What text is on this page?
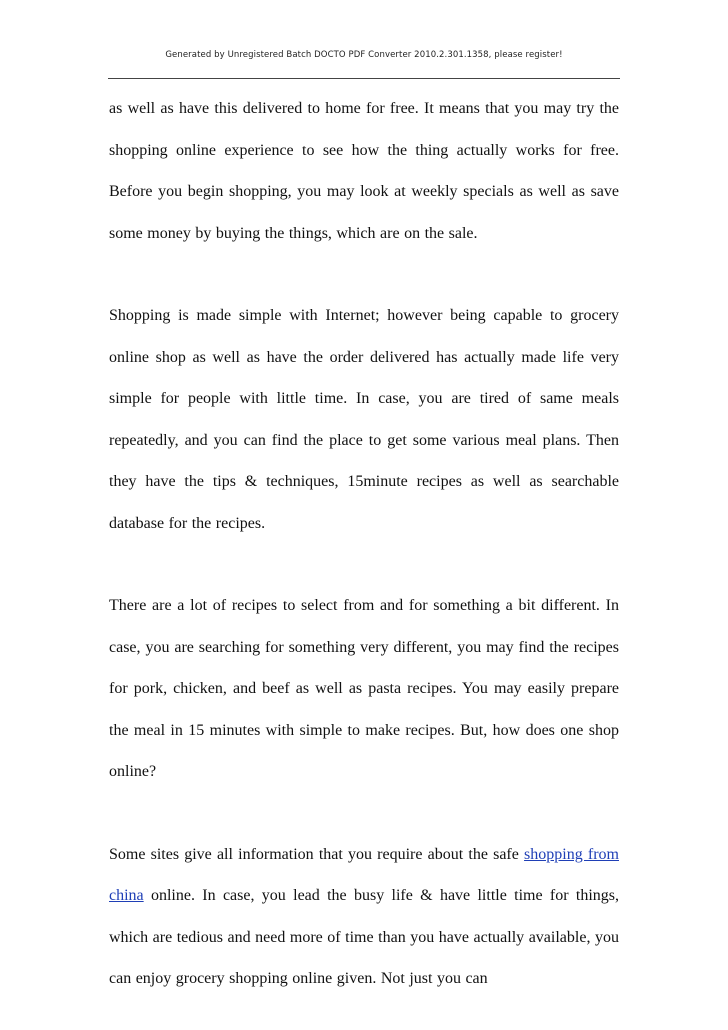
Generated by Unregistered Batch DOCTO PDF Converter 2010.2.301.1358, please register!

as well as have this delivered to home for free. It means that you may try the shopping online experience to see how the thing actually works for free. Before you begin shopping, you may look at weekly specials as well as save some money by buying the things, which are on the sale.

Shopping is made simple with Internet; however being capable to grocery online shop as well as have the order delivered has actually made life very simple for people with little time. In case, you are tired of same meals repeatedly, and you can find the place to get some various meal plans. Then they have the tips & techniques, 15minute recipes as well as searchable database for the recipes.

There are a lot of recipes to select from and for something a bit different. In case, you are searching for something very different, you may find the recipes for pork, chicken, and beef as well as pasta recipes. You may easily prepare the meal in 15 minutes with simple to make recipes. But, how does one shop online?

Some sites give all information that you require about the safe shopping from china online. In case, you lead the busy life & have little time for things, which are tedious and need more of time than you have actually available, you can enjoy grocery shopping online given. Not just you can
